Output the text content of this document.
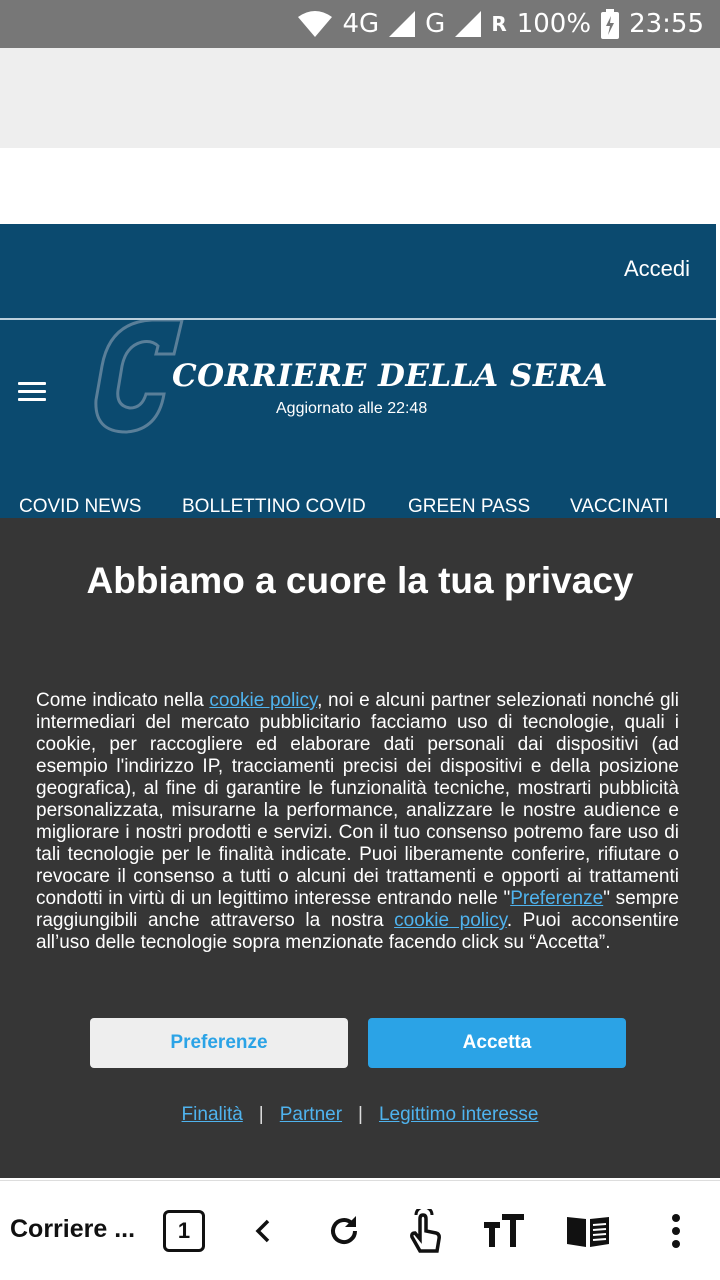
4G G R 100% 23:55
Accedi
CORRIERE DELLA SERA
Aggiornato alle 22:48
COVID NEWS BOLLETTINO COVID GREEN PASS VACCINATI
Abbiamo a cuore la tua privacy

Come indicato nella cookie policy, noi e alcuni partner selezionati nonché gli intermediari del mercato pubblicitario facciamo uso di tecnologie, quali i cookie, per raccogliere ed elaborare dati personali dai dispositivi (ad esempio l'indirizzo IP, tracciamenti precisi dei dispositivi e della posizione geografica), al fine di garantire le funzionalità tecniche, mostrarti pubblicità personalizzata, misurarne la performance, analizzare le nostre audience e migliorare i nostri prodotti e servizi. Con il tuo consenso potremo fare uso di tali tecnologie per le finalità indicate. Puoi liberamente conferire, rifiutare o revocare il consenso a tutti o alcuni dei trattamenti e opporti ai trattamenti condotti in virtù di un legittimo interesse entrando nelle "Preferenze" sempre raggiungibili anche attraverso la nostra cookie policy. Puoi acconsentire all’uso delle tecnologie sopra menzionate facendo click su “Accetta”.

Preferenze	Accetta
Finalità | Partner | Legittimo interesse
Corriere ...	1
